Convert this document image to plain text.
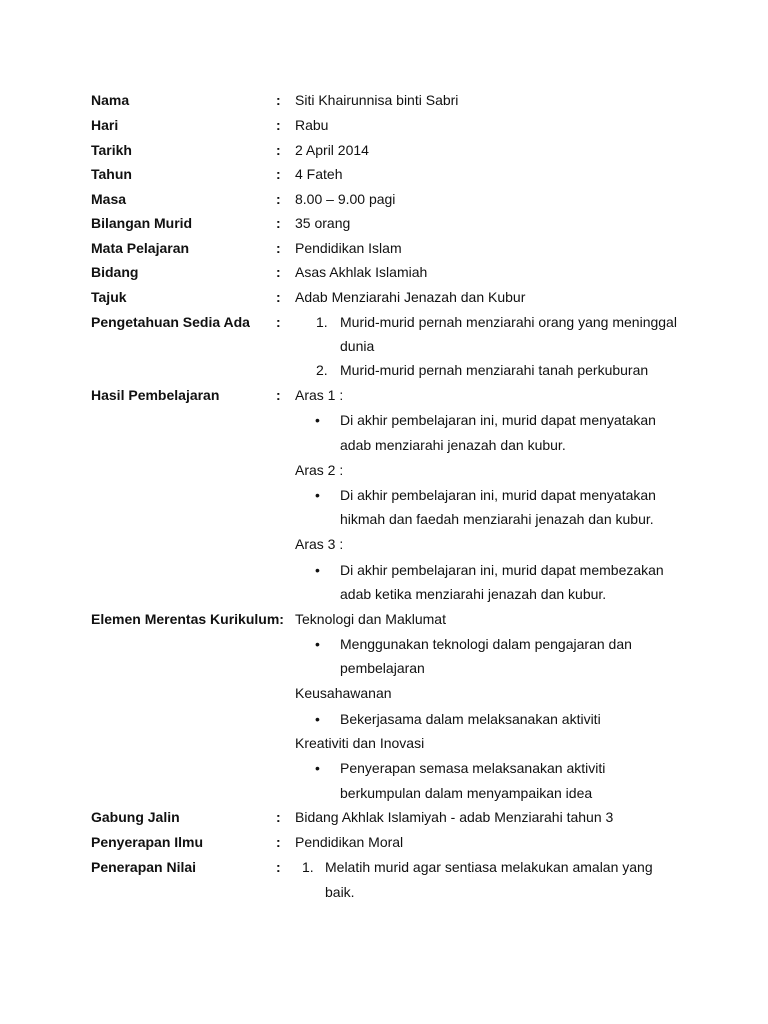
Nama	: Siti Khairunnisa binti Sabri
Hari	: Rabu
Tarikh	: 2 April 2014
Tahun	: 4 Fateh
Masa	: 8.00 – 9.00 pagi
Bilangan Murid	: 35 orang
Mata Pelajaran	: Pendidikan Islam
Bidang	: Asas Akhlak Islamiah
Tajuk	: Adab Menziarahi Jenazah dan Kubur
Pengetahuan Sedia Ada :	1. Murid-murid pernah menziarahi orang yang meninggal
dunia
2. Murid-murid pernah menziarahi tanah perkuburan
Hasil Pembelajaran	: Aras 1 :
• Di akhir pembelajaran ini, murid dapat menyatakan
adab menziarahi jenazah dan kubur.
Aras 2 :
• Di akhir pembelajaran ini, murid dapat menyatakan
hikmah dan faedah menziarahi jenazah dan kubur.
Aras 3 :
• Di akhir pembelajaran ini, murid dapat membezakan
adab ketika menziarahi jenazah dan kubur.
Elemen Merentas Kurikulum: Teknologi dan Maklumat
• Menggunakan teknologi dalam pengajaran dan
pembelajaran
Keusahawanan
• Bekerjasama dalam melaksanakan aktiviti
Kreativiti dan Inovasi
• Penyerapan semasa melaksanakan aktiviti
berkumpulan dalam menyampaikan idea
Gabung Jalin	: Bidang Akhlak Islamiyah - adab Menziarahi tahun 3
Penyerapan Ilmu	: Pendidikan Moral
Penerapan Nilai	: 1. Melatih murid agar sentiasa melakukan amalan yang
baik.
